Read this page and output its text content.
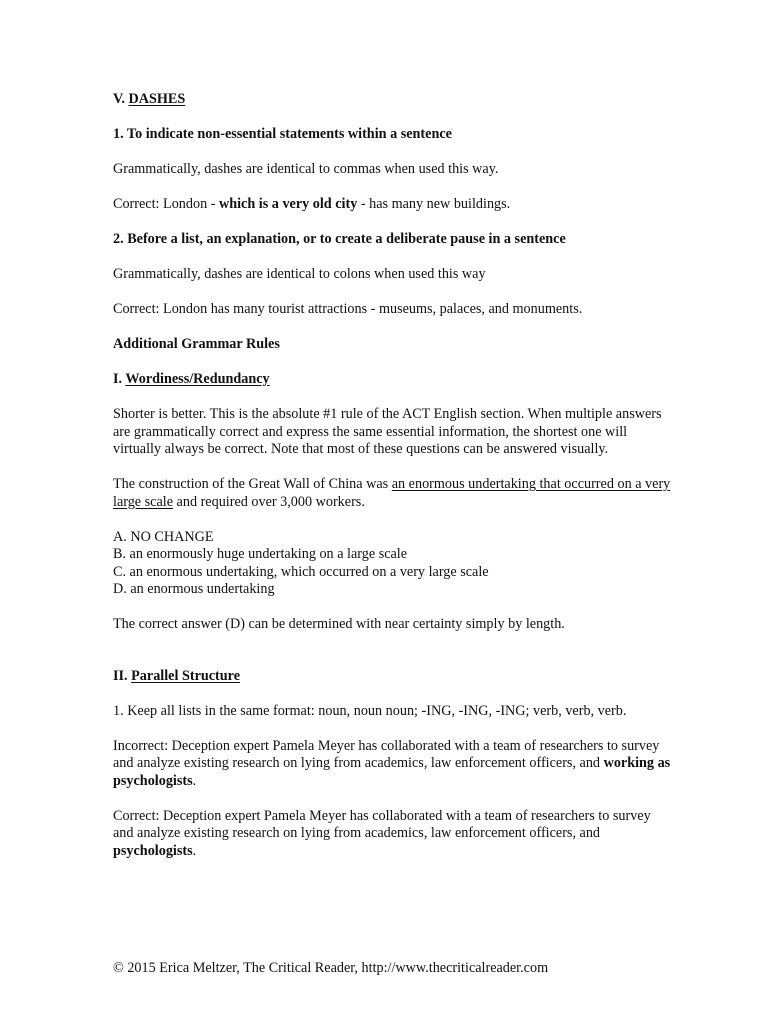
V. DASHES

1. To indicate non-essential statements within a sentence

Grammatically, dashes are identical to commas when used this way.

Correct: London - which is a very old city - has many new buildings.

2. Before a list, an explanation, or to create a deliberate pause in a sentence

Grammatically, dashes are identical to colons when used this way

Correct: London has many tourist attractions - museums, palaces, and monuments.

Additional Grammar Rules

I. Wordiness/Redundancy

Shorter is better. This is the absolute #1 rule of the ACT English section. When multiple answers are grammatically correct and express the same essential information, the shortest one will virtually always be correct. Note that most of these questions can be answered visually.

The construction of the Great Wall of China was an enormous undertaking that occurred on a very large scale and required over 3,000 workers.

A. NO CHANGE

B. an enormously huge undertaking on a large scale

C. an enormous undertaking, which occurred on a very large scale

D. an enormous undertaking

The correct answer (D) can be determined with near certainty simply by length.

II. Parallel Structure

1. Keep all lists in the same format: noun, noun noun; -ING, -ING, -ING; verb, verb, verb.

Incorrect: Deception expert Pamela Meyer has collaborated with a team of researchers to survey and analyze existing research on lying from academics, law enforcement officers, and working as psychologists.

Correct: Deception expert Pamela Meyer has collaborated with a team of researchers to survey and analyze existing research on lying from academics, law enforcement officers, and psychologists.

© 2015 Erica Meltzer, The Critical Reader, http://www.thecriticalreader.com
